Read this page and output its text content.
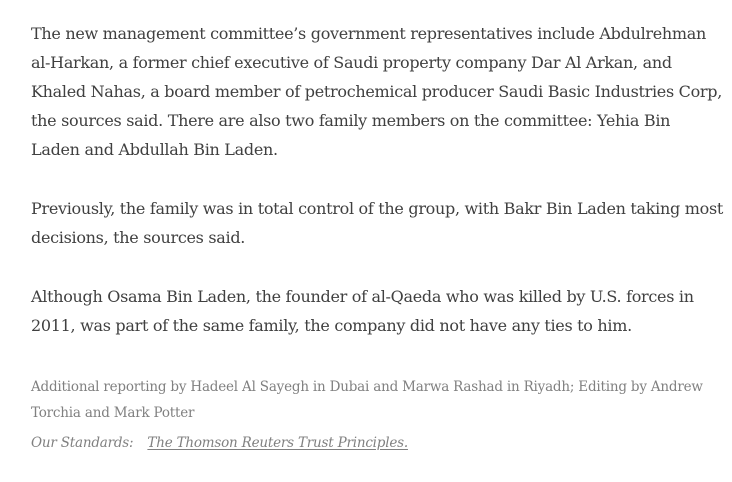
The new management committee’s government representatives include Abdulrehman al-Harkan, a former chief executive of Saudi property company Dar Al Arkan, and Khaled Nahas, a board member of petrochemical producer Saudi Basic Industries Corp, the sources said. There are also two family members on the committee: Yehia Bin Laden and Abdullah Bin Laden.

Previously, the family was in total control of the group, with Bakr Bin Laden taking most decisions, the sources said.

Although Osama Bin Laden, the founder of al-Qaeda who was killed by U.S. forces in 2011, was part of the same family, the company did not have any ties to him.

Additional reporting by Hadeel Al Sayegh in Dubai and Marwa Rashad in Riyadh; Editing by Andrew Torchia and Mark Potter

Our Standards: The Thomson Reuters Trust Principles.
